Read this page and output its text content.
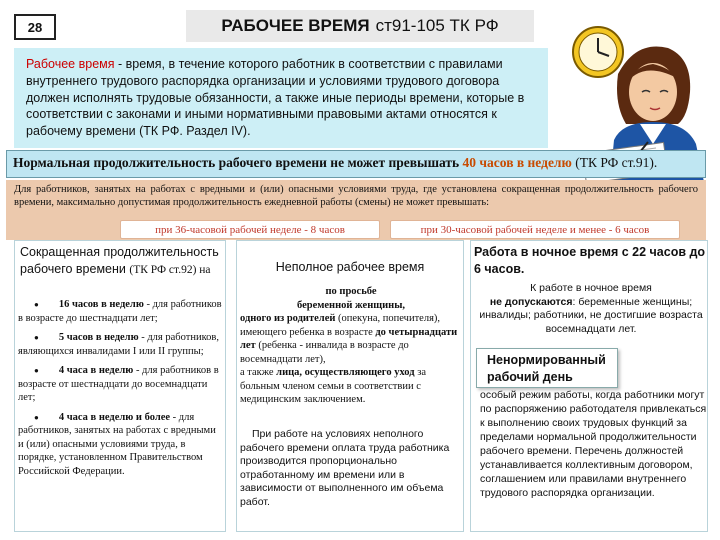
28	РАБОЧЕЕ ВРЕМЯ ст91-105 ТК РФ
Рабочее время - время, в течение которого работник в соответствии с правилами внутреннего трудового распорядка организации и условиями трудового договора должен исполнять трудовые обязанности, а также иные периоды времени, которые в соответствии с законами и иными нормативными правовыми актами относятся к рабочему времени (ТК РФ. Раздел IV).
Нормальная продолжительность рабочего времени не может превышать 40 часов в неделю (ТК РФ ст.91).
Для работников, занятых на работах с вредными и (или) опасными условиями труда, где установлена сокращенная продолжительность рабочего времени, максимально допустимая продолжительность ежедневной работы (смены) не может превышать:
при 36-часовой рабочей неделе - 8 часов	при 30-часовой рабочей неделе и менее - 6 часов
Сокращенная продолжительность рабочего времени (ТК РФ ст.92) на
● 16 часов в неделю - для работников в возрасте до шестнадцати лет;
● 5 часов в неделю - для работников, являющихся инвалидами I или II группы;
● 4 часа в неделю - для работников в возрасте от шестнадцати до восемнадцати лет;
● 4 часа в неделю и более - для работников, занятых на работах с вредными и (или) опасными условиями труда, в порядке, установленном Правительством Российской Федерации.
Неполное рабочее время
по просьбе
беременной женщины,
одного из родителей (опекуна, попечителя), имеющего ребенка в возрасте до четырнадцати лет (ребенка - инвалида в возрасте до восемнадцати лет),
а также лица, осуществляющего уход за больным членом семьи в соответствии с медицинским заключением.

При работе на условиях неполного рабочего времени оплата труда работника производится пропорционально отработанному им времени или в зависимости от выполненного им объема работ.

Работа в ночное время с 22 часов до 6 часов.
К работе в ночное время
не допускаются: беременные женщины; инвалиды; работники, не достигшие возраста восемнадцати лет.
Ненормированный рабочий день
особый режим работы, когда работники могут по распоряжению работодателя привлекаться к выполнению своих трудовых функций за пределами нормальной продолжительности рабочего времени. Перечень должностей устанавливается коллективным договором, соглашением или правилами внутреннего трудового распорядка организации.
